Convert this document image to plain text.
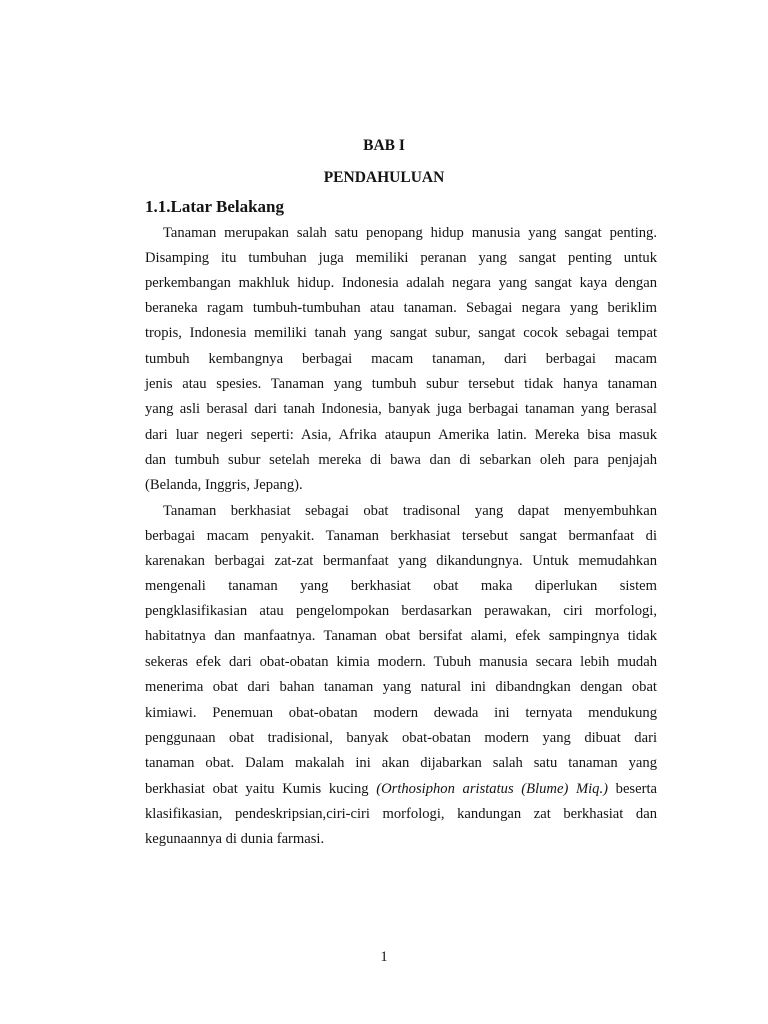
BAB I
PENDAHULUAN
1.1.Latar Belakang
Tanaman merupakan salah satu penopang hidup manusia yang sangat penting.
Disamping itu tumbuhan juga memiliki peranan yang sangat penting untuk
perkembangan makhluk hidup. Indonesia adalah negara yang sangat kaya dengan
beraneka ragam tumbuh-tumbuhan atau tanaman. Sebagai negara yang beriklim
tropis, Indonesia memiliki tanah yang sangat subur, sangat cocok sebagai tempat
tumbuh kembangnya berbagai macam tanaman, dari berbagai macam
jenis atau spesies. Tanaman yang tumbuh subur tersebut tidak hanya tanaman
yang asli berasal dari tanah Indonesia, banyak juga berbagai tanaman yang berasal
dari luar negeri seperti: Asia, Afrika ataupun Amerika latin. Mereka bisa masuk
dan tumbuh subur setelah mereka di bawa dan di sebarkan oleh para penjajah
(Belanda, Inggris, Jepang).
Tanaman berkhasiat sebagai obat tradisonal yang dapat menyembuhkan
berbagai macam penyakit. Tanaman berkhasiat tersebut sangat bermanfaat di
karenakan berbagai zat-zat bermanfaat yang dikandungnya. Untuk memudahkan
mengenali tanaman yang berkhasiat obat maka diperlukan sistem
pengklasifikasian atau pengelompokan berdasarkan perawakan, ciri morfologi,
habitatnya dan manfaatnya. Tanaman obat bersifat alami, efek sampingnya tidak
sekeras efek dari obat-obatan kimia modern. Tubuh manusia secara lebih mudah
menerima obat dari bahan tanaman yang natural ini dibandngkan dengan obat
kimiawi. Penemuan obat-obatan modern dewada ini ternyata mendukung
penggunaan obat tradisional, banyak obat-obatan modern yang dibuat dari
tanaman obat. Dalam makalah ini akan dijabarkan salah satu tanaman yang
berkhasiat obat yaitu Kumis kucing (Orthosiphon aristatus (Blume) Miq.) beserta
klasifikasian, pendeskripsian,ciri-ciri morfologi, kandungan zat berkhasiat dan
kegunaannya di dunia farmasi.
1
